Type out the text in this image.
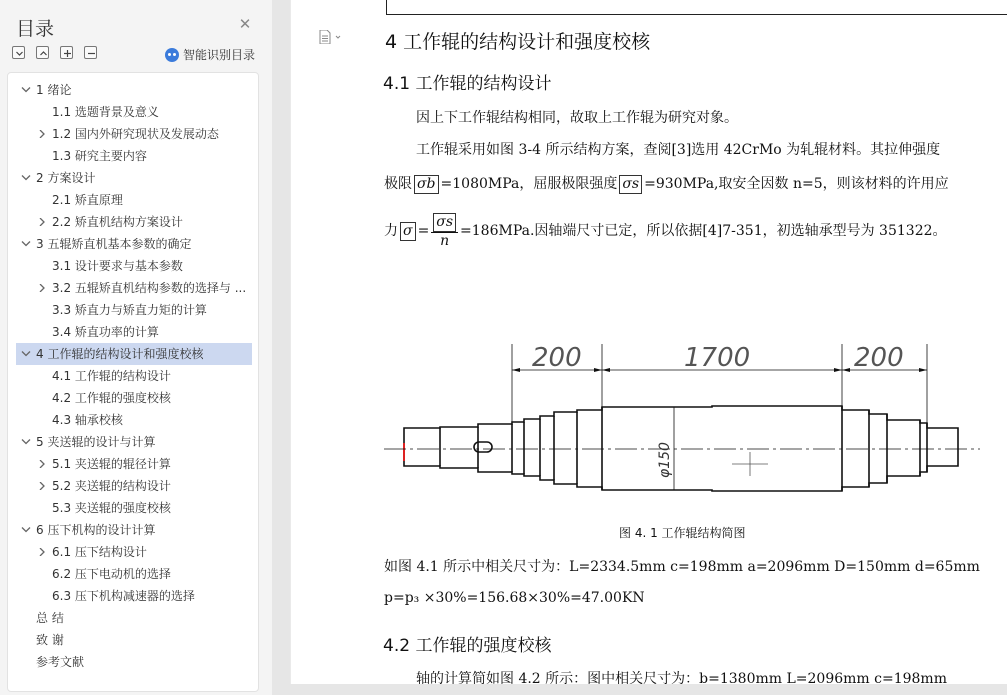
目录	✕
智能识别目录
1 绪论
1.1 选题背景及意义
1.2 国内外研究现状及发展动态
1.3 研究主要内容
2 方案设计
2.1 矫直原理
2.2 矫直机结构方案设计
3 五辊矫直机基本参数的确定
3.1 设计要求与基本参数
3.2 五辊矫直机结构参数的选择与 ...
3.3 矫直力与矫直力矩的计算
3.4 矫直功率的计算
4 工作辊的结构设计和强度校核
4.1 工作辊的结构设计
4.2 工作辊的强度校核
4.3 轴承校核
5 夹送辊的设计与计算
5.1 夹送辊的辊径计算
5.2 夹送辊的结构设计
5.3 夹送辊的强度校核
6 压下机构的设计计算
6.1 压下结构设计
6.2 压下电动机的选择
6.3 压下机构减速器的选择
总 结
致 谢
参考文献
4 工作辊的结构设计和强度校核
4.1 工作辊的结构设计
因上下工作辊结构相同，故取上工作辊为研究对象。
工作辊采用如图 3-4 所示结构方案，查阅[3]选用 42CrMo 为轧辊材料。其拉伸强度
极限 σb =1080MPa，屈服极限强度 σs =930MPa,取安全因数 n=5，则该材料的许用应
力 $\sigma = \frac{\sigma s}{n} =186MPa$.因轴端尺寸已定，所以依据[4]7-351，初选轴承型号为 351322。
200	1700	200
φ150
图 4. 1 工作辊结构简图
如图 4.1 所示中相关尺寸为：L=2334.5mm c=198mm a=2096mm D=150mm d=65mm
p=p₃ ×30%=156.68×30%=47.00KN
4.2 工作辊的强度校核
轴的计算简如图 4.2 所示：图中相关尺寸为：b=1380mm L=2096mm c=198mm
